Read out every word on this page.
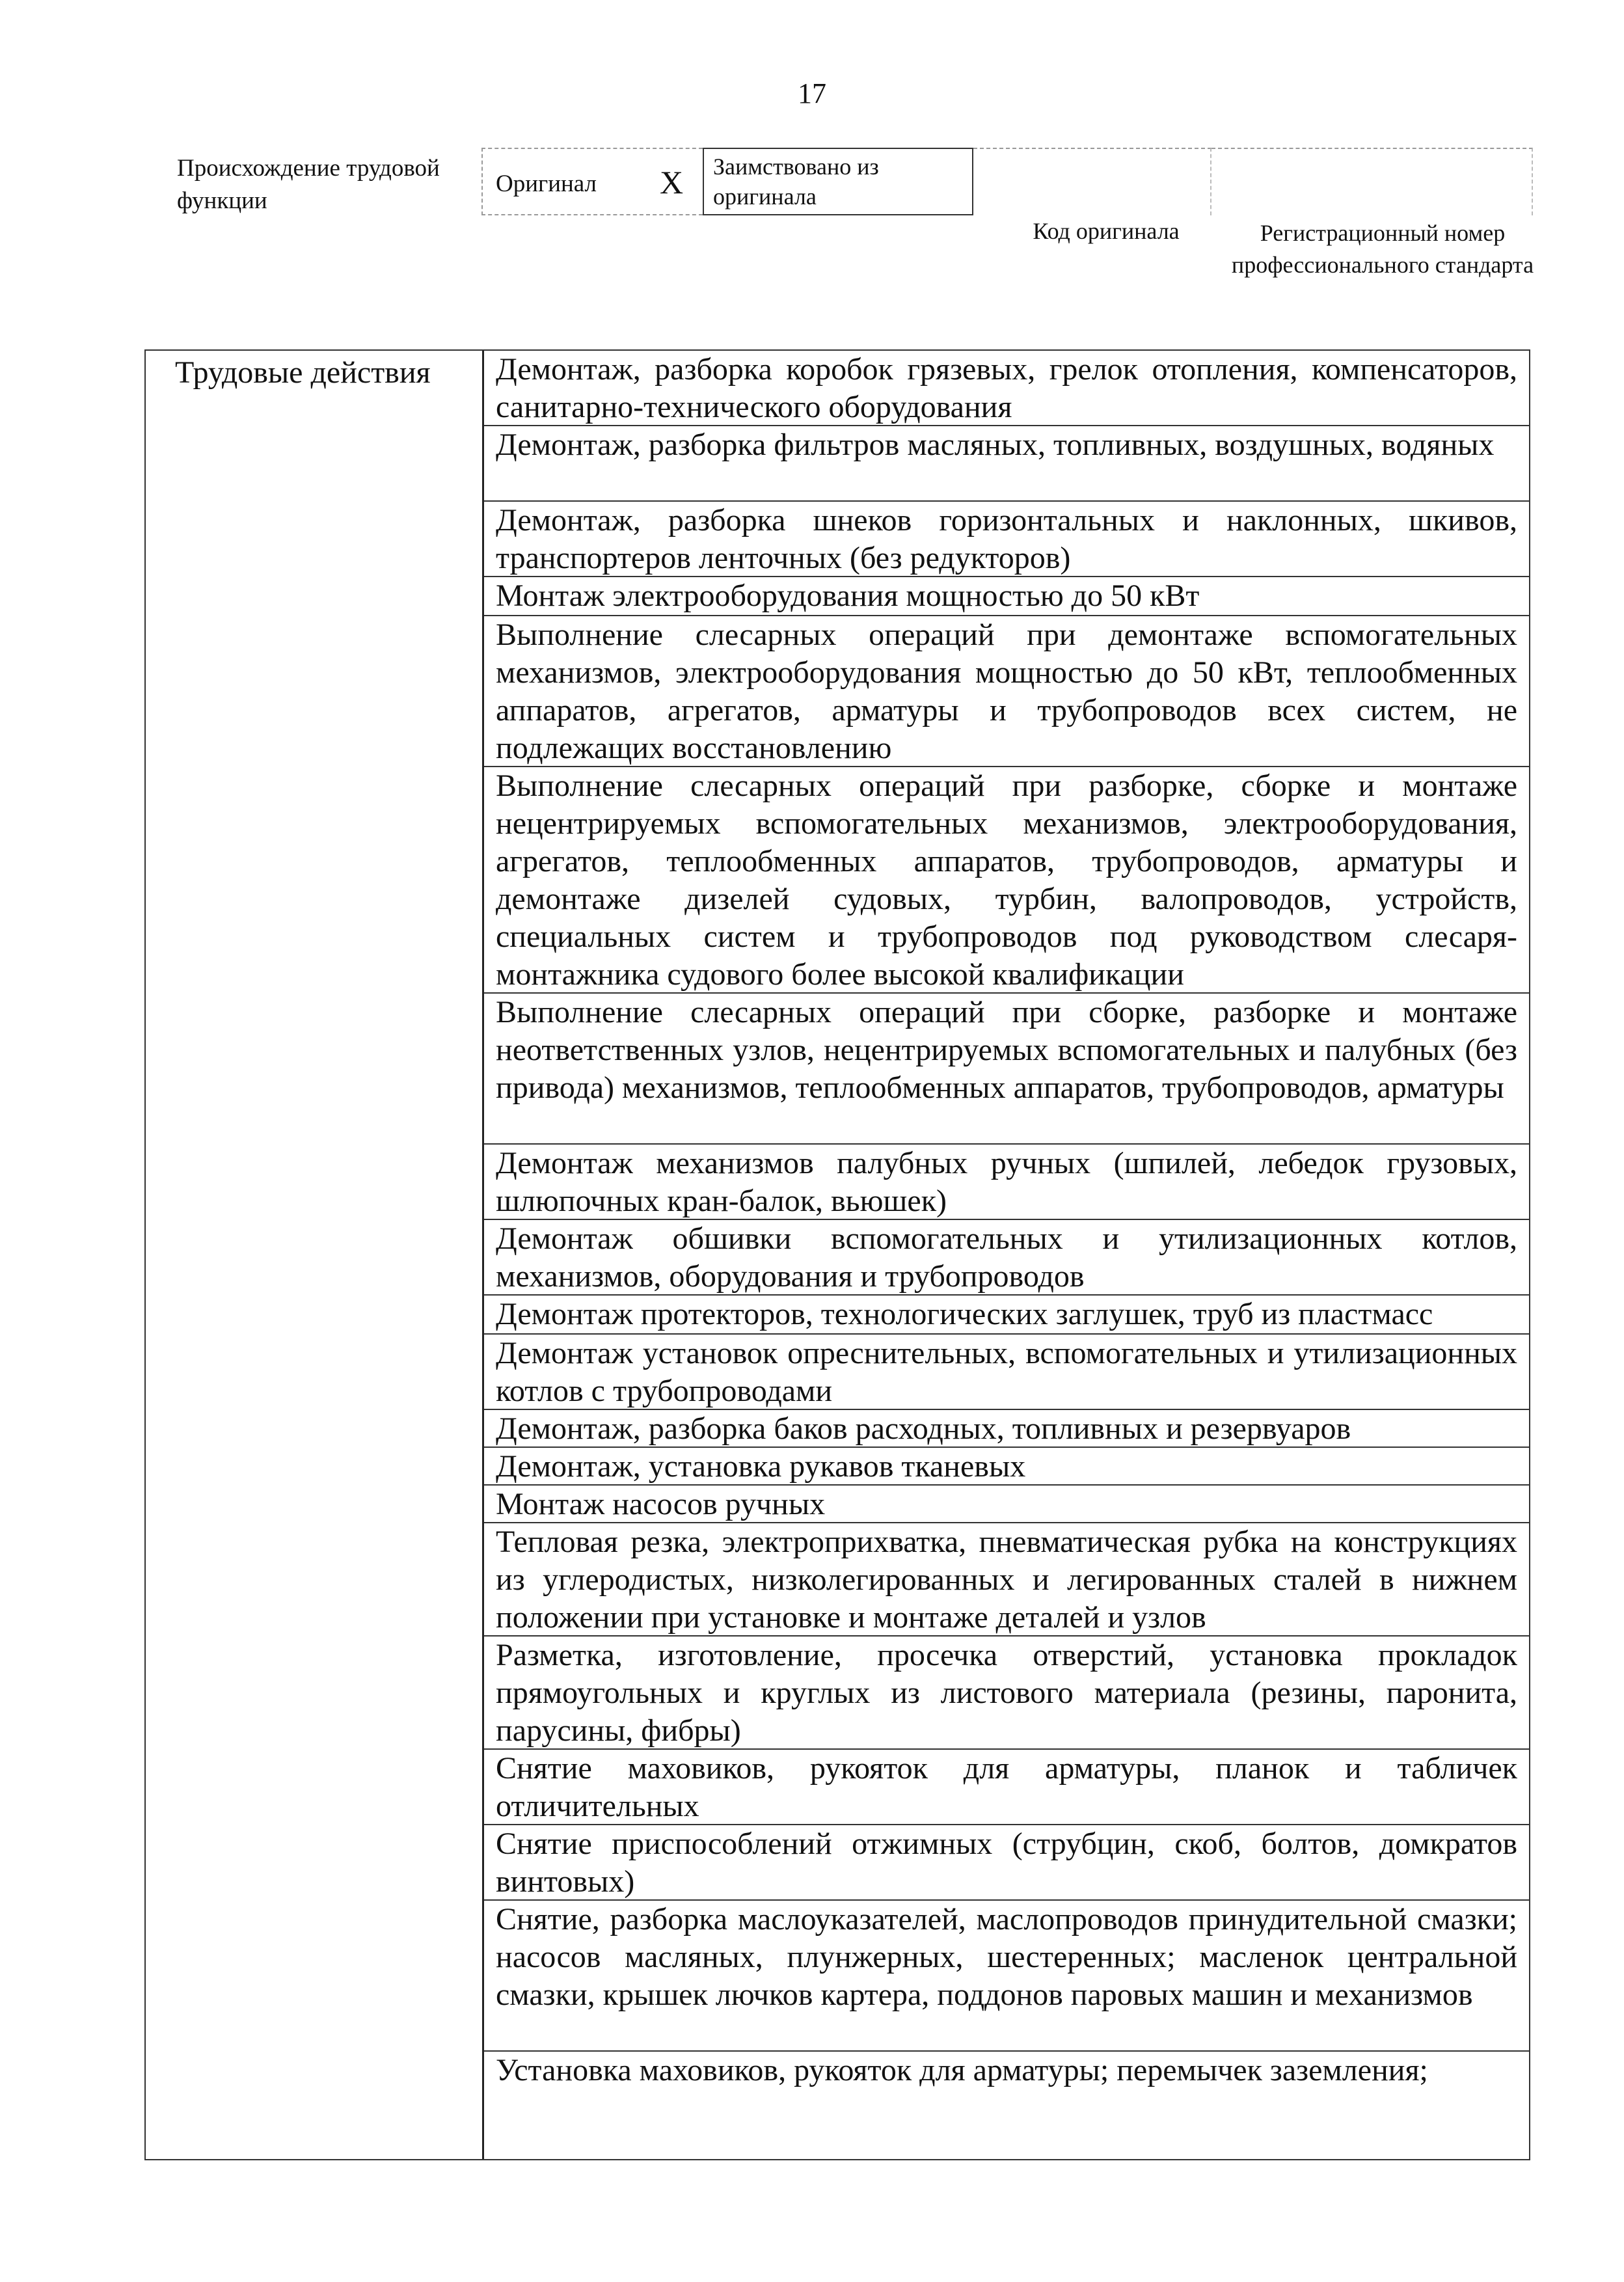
17
Происхождение трудовой функции
Оригинал X Заимствовано из оригинала
Код оригинала	Регистрационный номер профессионального стандарта
Трудовые действия	Демонтаж, разборка коробок грязевых, грелок отопления, компенсаторов, санитарно-технического оборудования
Демонтаж, разборка фильтров масляных, топливных, воздушных, водяных
Демонтаж, разборка шнеков горизонтальных и наклонных, шкивов, транспортеров ленточных (без редукторов)
Монтаж электрооборудования мощностью до 50 кВт
Выполнение слесарных операций при демонтаже вспомогательных механизмов, электрооборудования мощностью до 50 кВт, теплообменных аппаратов, агрегатов, арматуры и трубопроводов всех систем, не подлежащих восстановлению
Выполнение слесарных операций при разборке, сборке и монтаже нецентрируемых вспомогательных механизмов, электрооборудования, агрегатов, теплообменных аппаратов, трубопроводов, арматуры и демонтаже дизелей судовых, турбин, валопроводов, устройств, специальных систем и трубопроводов под руководством слесаря-монтажника судового более высокой квалификации
Выполнение слесарных операций при сборке, разборке и монтаже неответственных узлов, нецентрируемых вспомогательных и палубных (без привода) механизмов, теплообменных аппаратов, трубопроводов, арматуры
Демонтаж механизмов палубных ручных (шпилей, лебедок грузовых, шлюпочных кран-балок, вьюшек)
Демонтаж обшивки вспомогательных и утилизационных котлов, механизмов, оборудования и трубопроводов
Демонтаж протекторов, технологических заглушек, труб из пластмасс
Демонтаж установок опреснительных, вспомогательных и утилизационных котлов с трубопроводами
Демонтаж, разборка баков расходных, топливных и резервуаров
Демонтаж, установка рукавов тканевых
Монтаж насосов ручных
Тепловая резка, электроприхватка, пневматическая рубка на конструкциях из углеродистых, низколегированных и легированных сталей в нижнем положении при установке и монтаже деталей и узлов
Разметка, изготовление, просечка отверстий, установка прокладок прямоугольных и круглых из листового материала (резины, паронита, парусины, фибры)
Снятие маховиков, рукояток для арматуры, планок и табличек отличительных
Снятие приспособлений отжимных (струбцин, скоб, болтов, домкратов винтовых)
Снятие, разборка маслоуказателей, маслопроводов принудительной смазки; насосов масляных, плунжерных, шестеренных; масленок центральной смазки, крышек лючков картера, поддонов паровых машин и механизмов
Установка маховиков, рукояток для арматуры; перемычек заземления;
